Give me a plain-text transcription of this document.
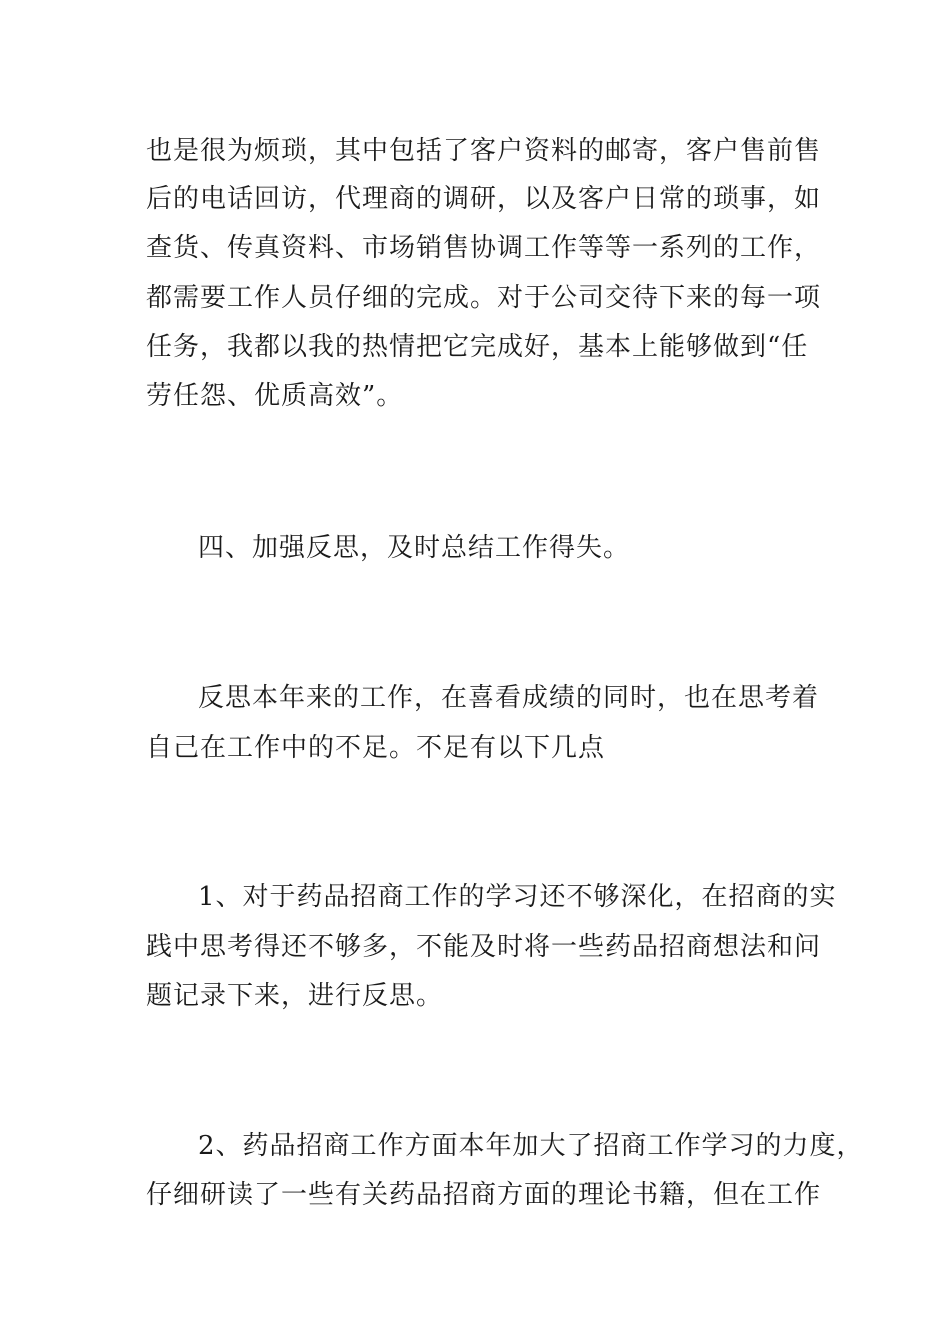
也是很为烦琐，其中包括了客户资料的邮寄，客户售前售
后的电话回访，代理商的调研，以及客户日常的琐事，如
查货、传真资料、市场销售协调工作等等一系列的工作，
都需要工作人员仔细的完成。对于公司交待下来的每一项
任务，我都以我的热情把它完成好，基本上能够做到“任
劳任怨、优质高效”。
四、加强反思，及时总结工作得失。
反思本年来的工作，在喜看成绩的同时，也在思考着
自己在工作中的不足。不足有以下几点
1、对于药品招商工作的学习还不够深化，在招商的实
践中思考得还不够多，不能及时将一些药品招商想法和问
题记录下来，进行反思。
2、药品招商工作方面本年加大了招商工作学习的力度，
仔细研读了一些有关药品招商方面的理论书籍，但在工作
